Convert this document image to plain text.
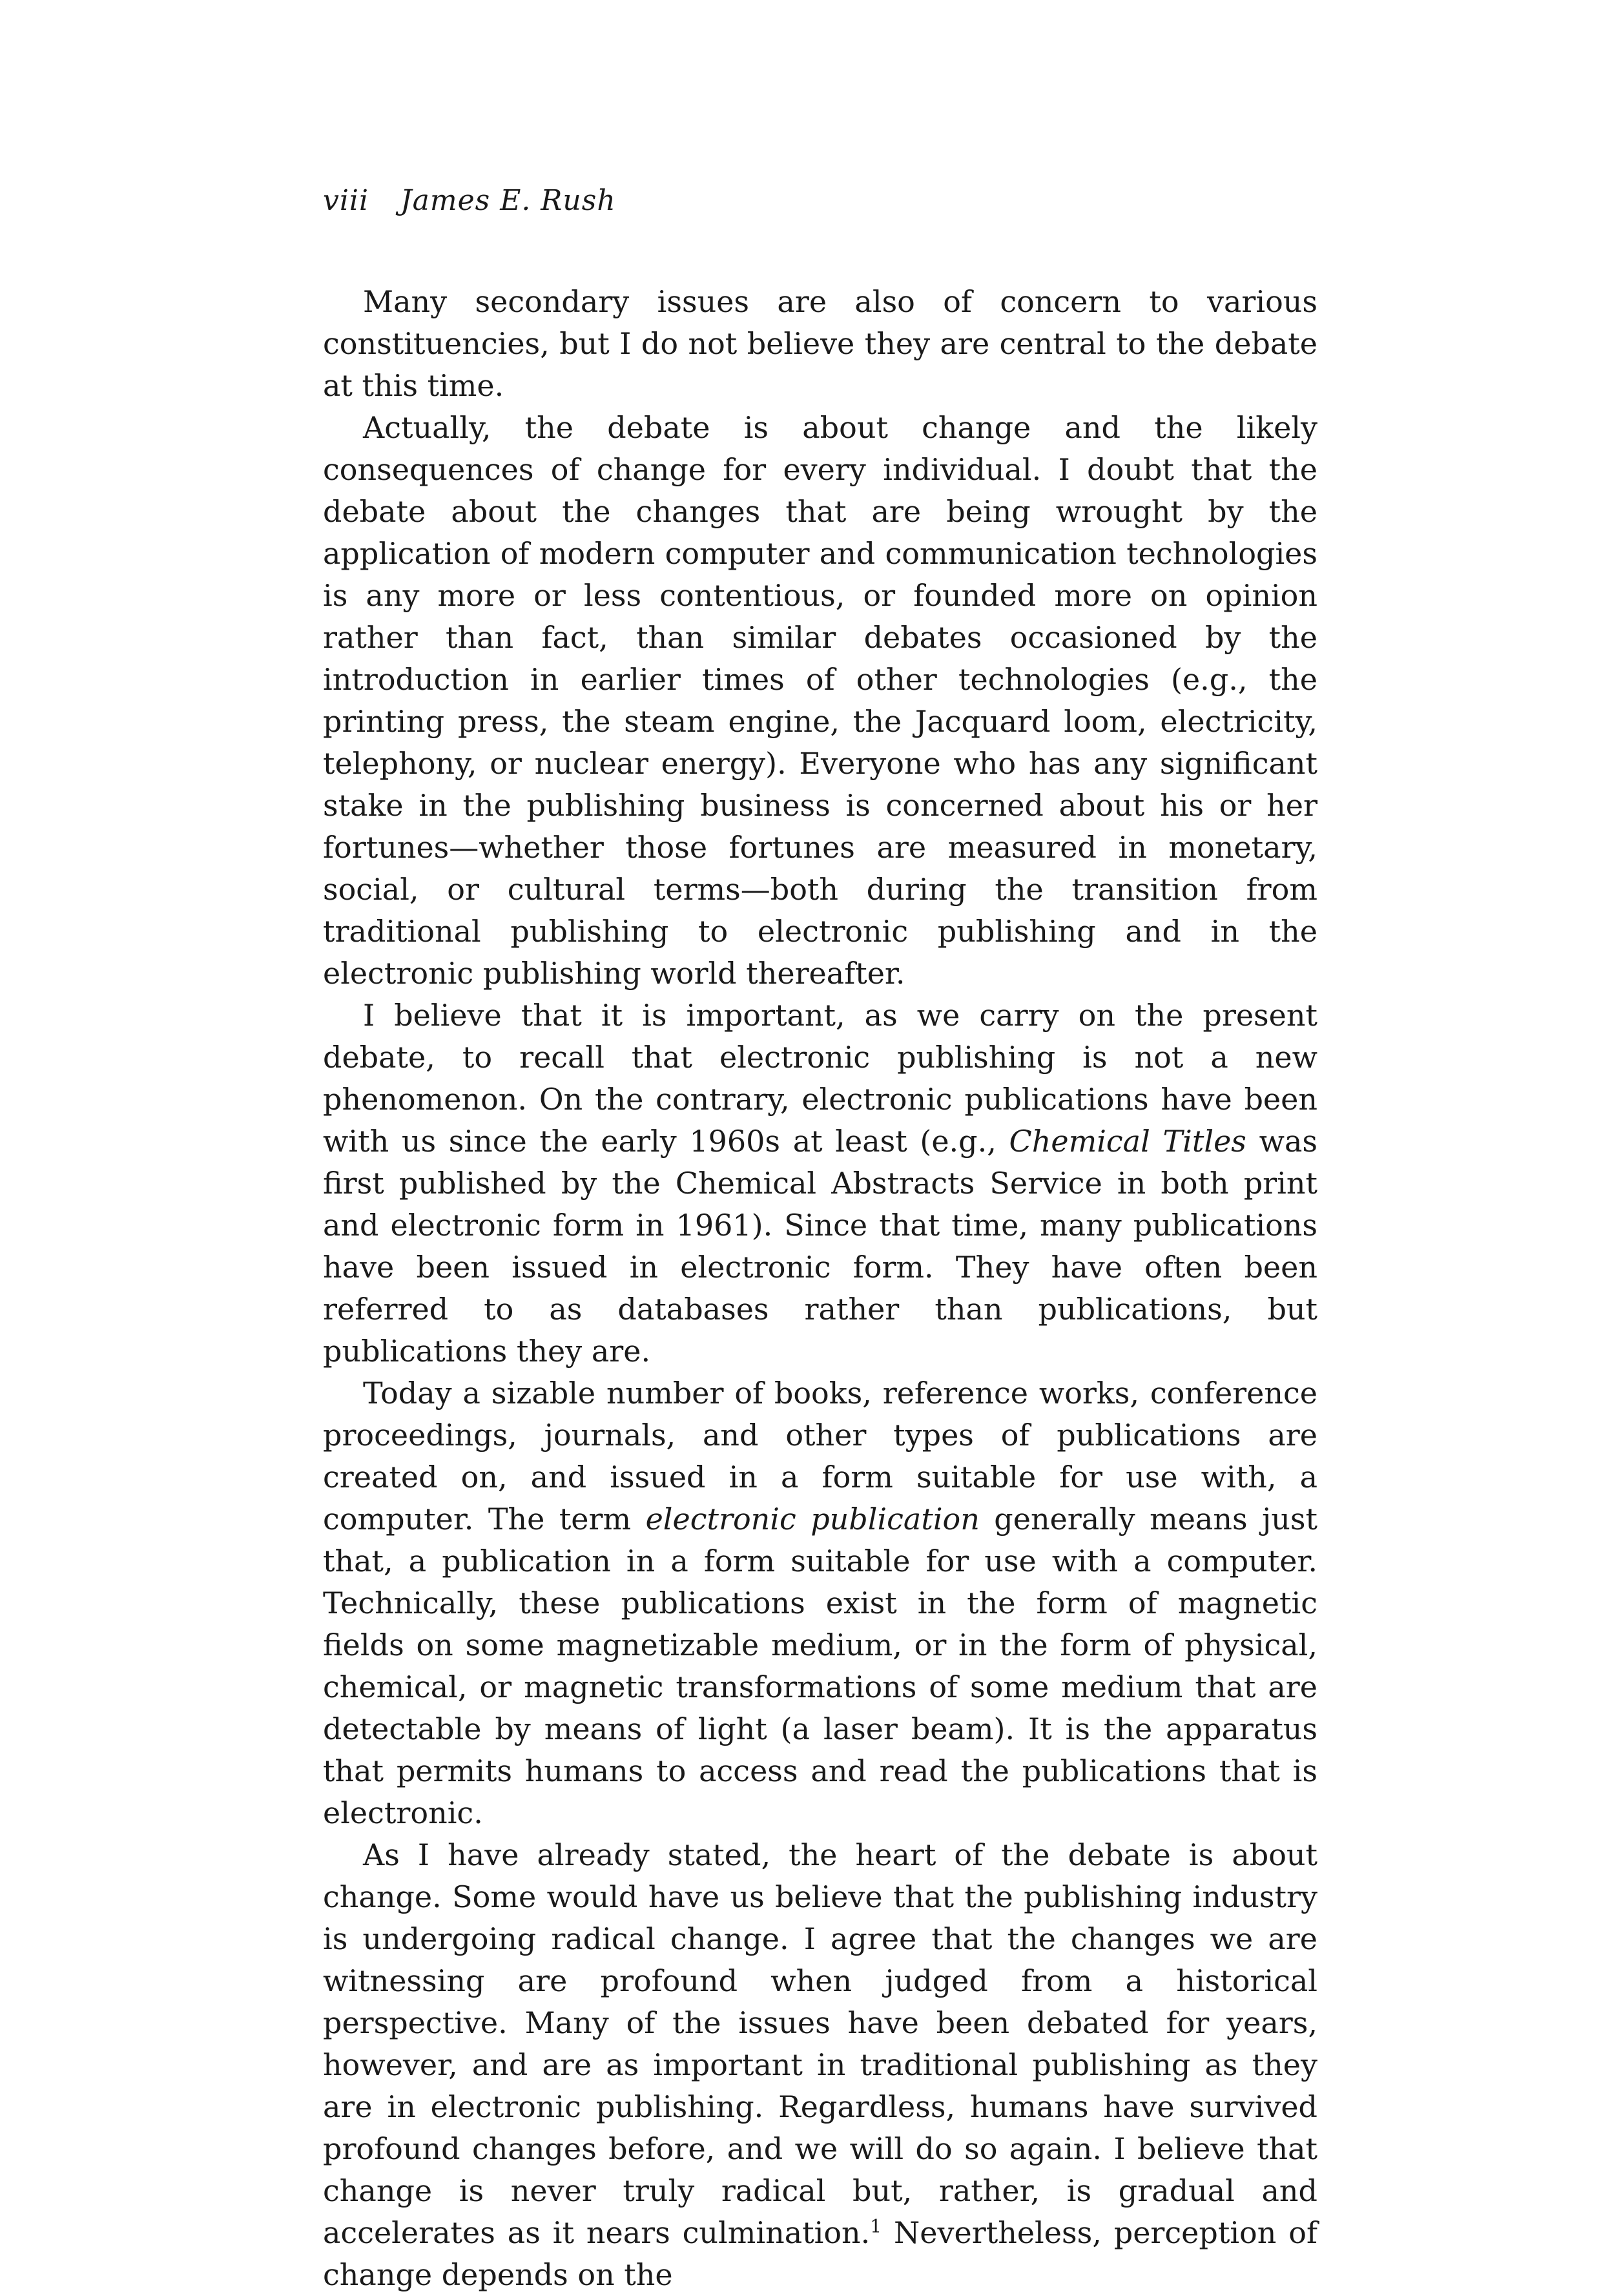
viii James E. Rush

Many secondary issues are also of concern to various constituencies, but I do not believe they are central to the debate at this time.

Actually, the debate is about change and the likely consequences of change for every individual. I doubt that the debate about the changes that are being wrought by the application of modern computer and communication technologies is any more or less contentious, or founded more on opinion rather than fact, than similar debates occasioned by the introduction in earlier times of other technologies (e.g., the printing press, the steam engine, the Jacquard loom, electricity, telephony, or nuclear energy). Everyone who has any significant stake in the publishing business is concerned about his or her fortunes—whether those fortunes are measured in monetary, social, or cultural terms—both during the transition from traditional publishing to electronic publishing and in the electronic publishing world thereafter.

I believe that it is important, as we carry on the present debate, to recall that electronic publishing is not a new phenomenon. On the contrary, electronic publications have been with us since the early 1960s at least (e.g., Chemical Titles was first published by the Chemical Abstracts Service in both print and electronic form in 1961). Since that time, many publications have been issued in electronic form. They have often been referred to as databases rather than publications, but publications they are.

Today a sizable number of books, reference works, conference proceedings, journals, and other types of publications are created on, and issued in a form suitable for use with, a computer. The term electronic publication generally means just that, a publication in a form suitable for use with a computer. Technically, these publications exist in the form of magnetic fields on some magnetizable medium, or in the form of physical, chemical, or magnetic transformations of some medium that are detectable by means of light (a laser beam). It is the apparatus that permits humans to access and read the publications that is electronic.

As I have already stated, the heart of the debate is about change. Some would have us believe that the publishing industry is undergoing radical change. I agree that the changes we are witnessing are profound when judged from a historical perspective. Many of the issues have been debated for years, however, and are as important in traditional publishing as they are in electronic publishing. Regardless, humans have survived profound changes before, and we will do so again. I believe that change is never truly radical but, rather, is gradual and accelerates as it nears culmination.$^1$ Nevertheless, perception of change depends on the
